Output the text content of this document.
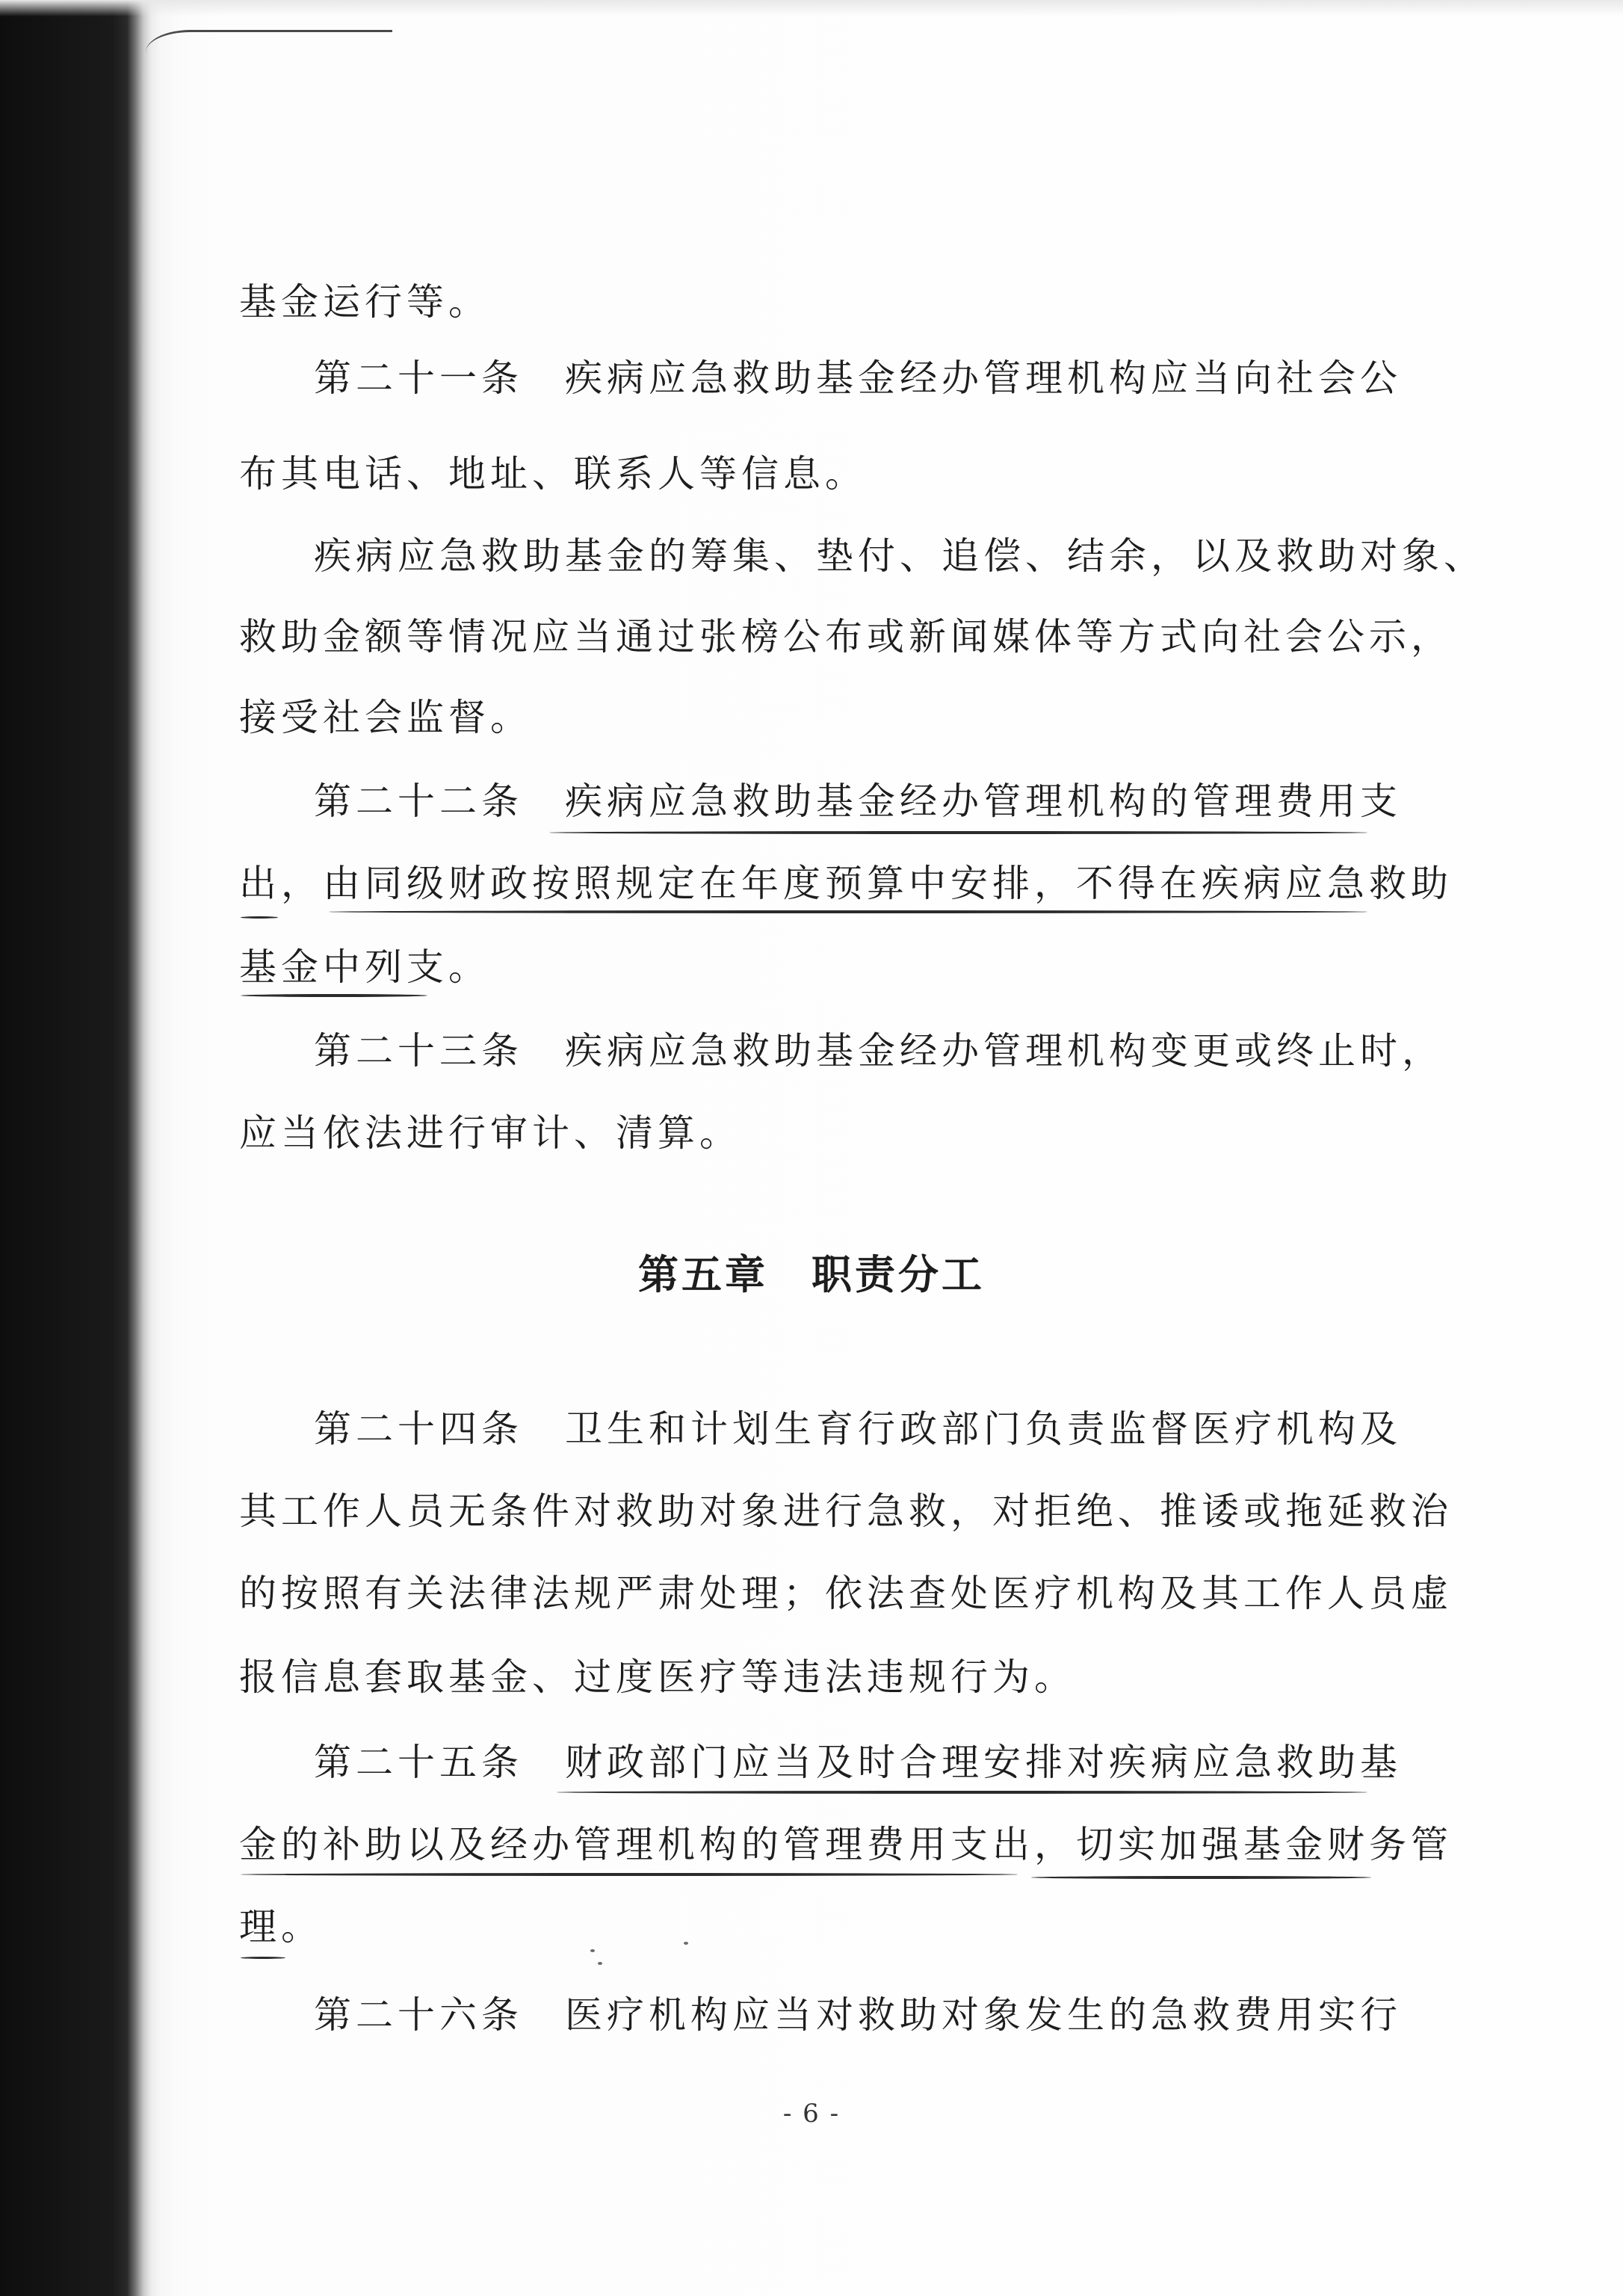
基金运行等。
第二十一条　疾病应急救助基金经办管理机构应当向社会公
布其电话、地址、联系人等信息。
疾病应急救助基金的筹集、垫付、追偿、结余，以及救助对象、
救助金额等情况应当通过张榜公布或新闻媒体等方式向社会公示，
接受社会监督。
第二十二条　疾病应急救助基金经办管理机构的管理费用支
出，由同级财政按照规定在年度预算中安排，不得在疾病应急救助
基金中列支。
第二十三条　疾病应急救助基金经办管理机构变更或终止时，
应当依法进行审计、清算。
第五章　职责分工
第二十四条　卫生和计划生育行政部门负责监督医疗机构及
其工作人员无条件对救助对象进行急救，对拒绝、推诿或拖延救治
的按照有关法律法规严肃处理；依法查处医疗机构及其工作人员虚
报信息套取基金、过度医疗等违法违规行为。
第二十五条　财政部门应当及时合理安排对疾病应急救助基
金的补助以及经办管理机构的管理费用支出，切实加强基金财务管
理。
第二十六条　医疗机构应当对救助对象发生的急救费用实行
- 6 -
